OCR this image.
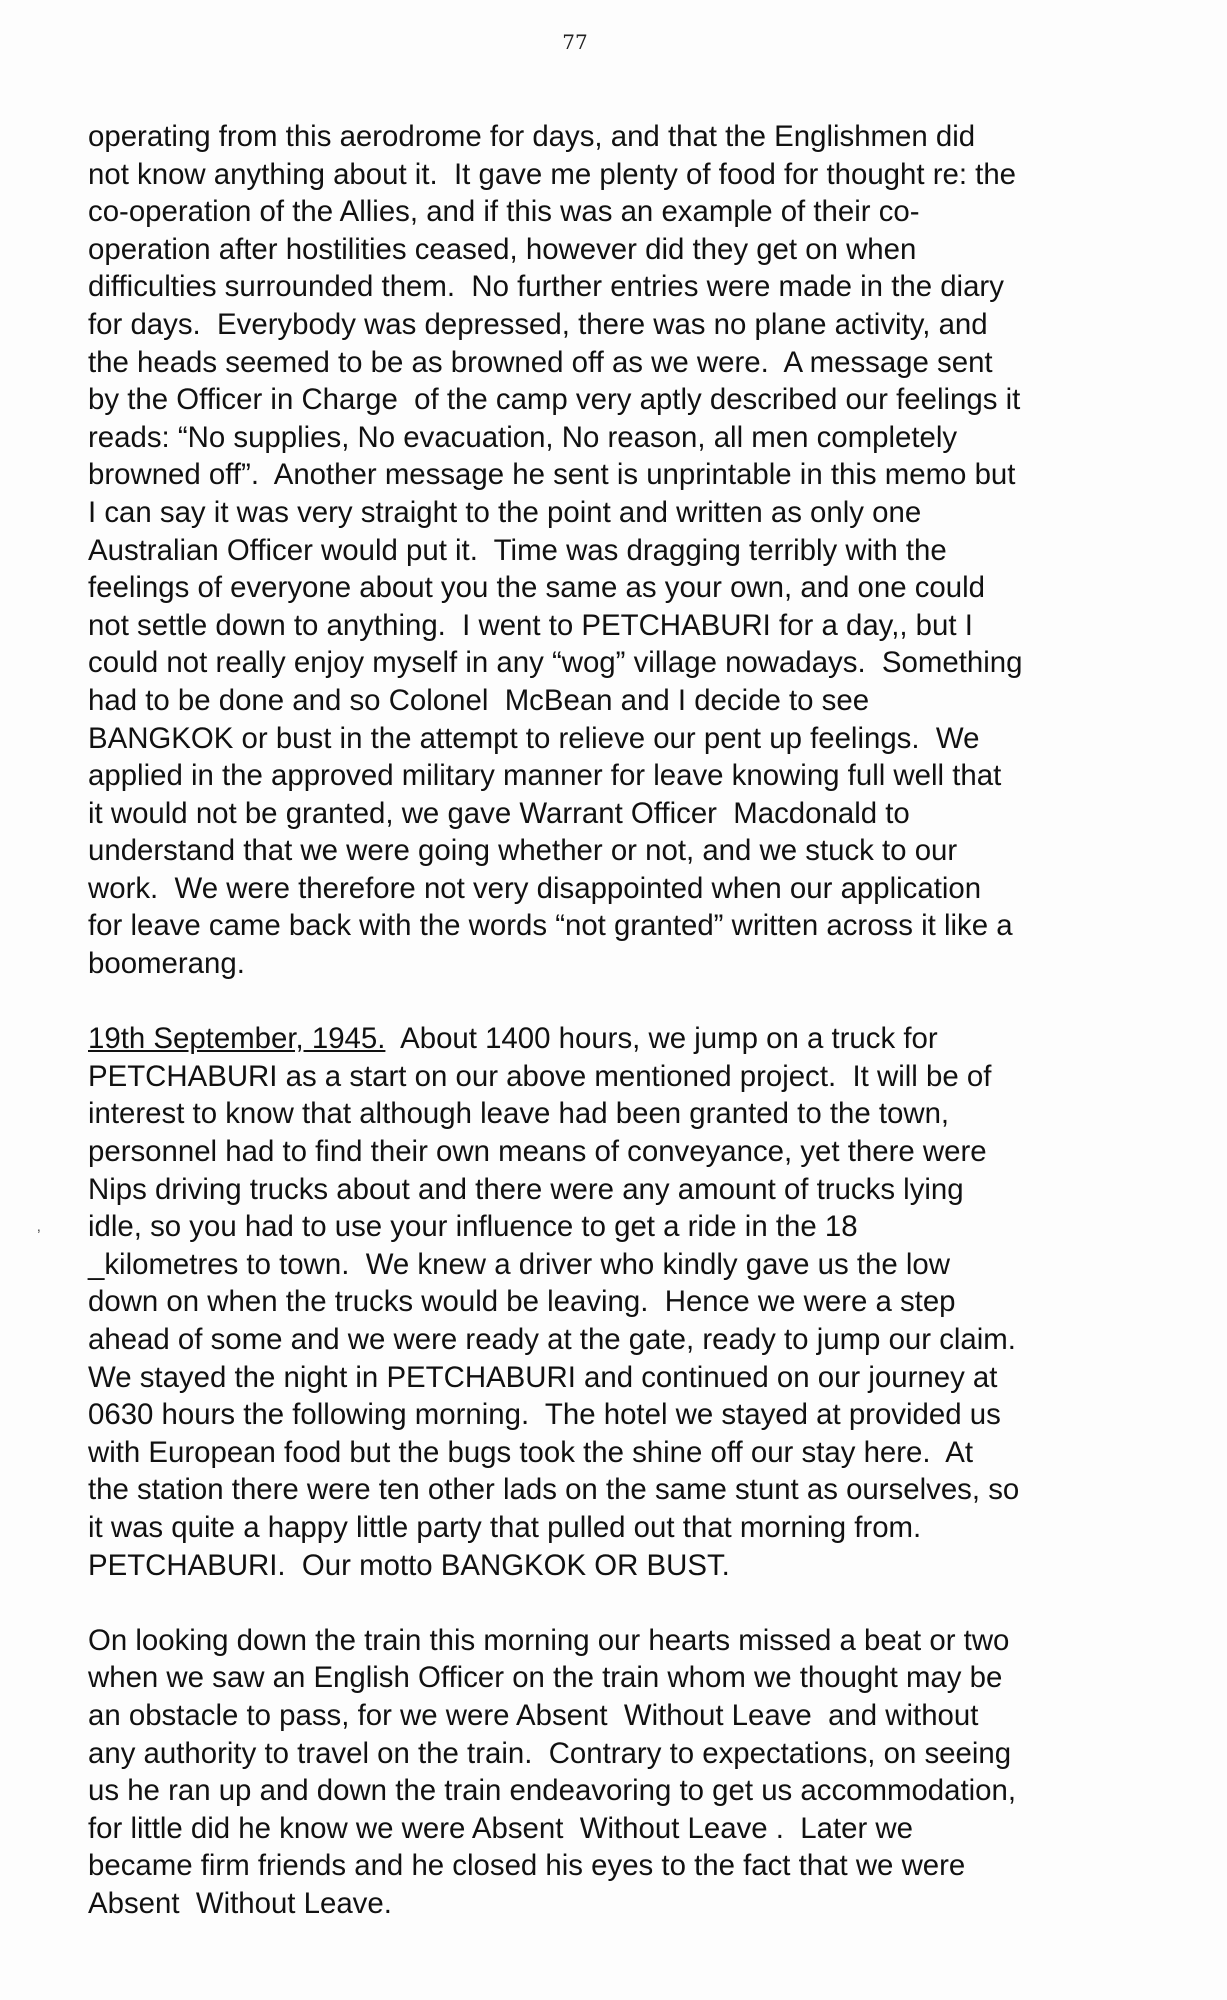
77
‚

operating from this aerodrome for days, and that the Englishmen did
not know anything about it.  It gave me plenty of food for thought re: the
co-operation of the Allies, and if this was an example of their co-
operation after hostilities ceased, however did they get on when
difficulties surrounded them.  No further entries were made in the diary
for days.  Everybody was depressed, there was no plane activity, and
the heads seemed to be as browned off as we were.  A message sent
by the Officer in Charge  of the camp very aptly described our feelings it
reads: “No supplies, No evacuation, No reason, all men completely
browned off”.  Another message he sent is unprintable in this memo but
I can say it was very straight to the point and written as only one
Australian Officer would put it.  Time was dragging terribly with the
feelings of everyone about you the same as your own, and one could
not settle down to anything.  I went to PETCHABURI for a day,, but I
could not really enjoy myself in any “wog” village nowadays.  Something
had to be done and so Colonel  McBean and I decide to see
BANGKOK or bust in the attempt to relieve our pent up feelings.  We
applied in the approved military manner for leave knowing full well that
it would not be granted, we gave Warrant Officer  Macdonald to
understand that we were going whether or not, and we stuck to our
work.  We were therefore not very disappointed when our application
for leave came back with the words “not granted” written across it like a
boomerang.

19th September, 1945.  About 1400 hours, we jump on a truck for
PETCHABURI as a start on our above mentioned project.  It will be of
interest to know that although leave had been granted to the town,
personnel had to find their own means of conveyance, yet there were
Nips driving trucks about and there were any amount of trucks lying
idle, so you had to use your influence to get a ride in the 18
_kilometres to town.  We knew a driver who kindly gave us the low
down on when the trucks would be leaving.  Hence we were a step
ahead of some and we were ready at the gate, ready to jump our claim.
We stayed the night in PETCHABURI and continued on our journey at
0630 hours the following morning.  The hotel we stayed at provided us
with European food but the bugs took the shine off our stay here.  At
the station there were ten other lads on the same stunt as ourselves, so
it was quite a happy little party that pulled out that morning from.
PETCHABURI.  Our motto BANGKOK OR BUST.

On looking down the train this morning our hearts missed a beat or two
when we saw an English Officer on the train whom we thought may be
an obstacle to pass, for we were Absent  Without Leave  and without
any authority to travel on the train.  Contrary to expectations, on seeing
us he ran up and down the train endeavoring to get us accommodation,
for little did he know we were Absent  Without Leave .  Later we
became firm friends and he closed his eyes to the fact that we were
Absent  Without Leave.
